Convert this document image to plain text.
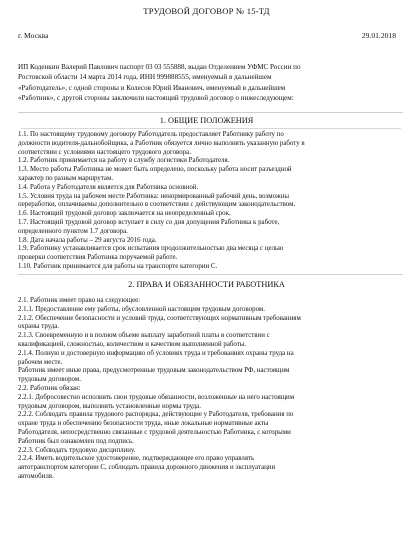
ТРУДОВОЙ ДОГОВОР № 15-ТД
г. Москва	29.01.2018
ИП Коденкин Валерий Павлович паспорт 03 03 555888, выдан Отделением УФМС России по
Ростовской области 14 марта 2014 года, ИНН 999888555, именуемый в дальнейшем
«Работодатель», с одной стороны и Колесов Юрий Иванович, именуемый в дальнейшем
«Работник», с другой стороны заключили настоящий трудовой договор о нижеследующем:
1. ОБЩИЕ ПОЛОЖЕНИЯ
1.1. По настоящему трудовому договору Работодатель предоставляет Работнику работу по
должности водителя-дальнобойщика, а Работник обязуется лично выполнять указанную работу в
соответствии с условиями настоящего трудового договора.
1.2. Работник принимается на работу в службу логистики Работодателя.
1.3. Место работы Работника не может быть определено, поскольку работа носит разъездной
характер по разным маршрутам.
1.4. Работа у Работодателя является для Работника основной.
1.5. Условия труда на рабочем месте Работника: ненормированный рабочий день, возможны
переработки, оплачиваемы дополнительно в соответствии с действующим законодательством.
1.6. Настоящий трудовой договор заключается на неопределенный срок.
1.7. Настоящий трудовой договор вступает в силу со дня допущения Работника к работе,
определенного пунктом 1.7 договора.
1.8. Дата начала работы – 29 августа 2016 года.
1.9. Работнику устанавливается срок испытания продолжительностью два месяца с целью
проверки соответствия Работника поручаемой работе.
1.10. Работник принимается для работы на транспорте категории С.
2. ПРАВА И ОБЯЗАННОСТИ РАБОТНИКА
2.1. Работник имеет право на следующее:
2.1.1. Предоставление ему работы, обусловленной настоящим трудовым договором.
2.1.2. Обеспечение безопасности и условий труда, соответствующих нормативным требованиям
охраны труда.
2.1.3. Своевременную и в полном объеме выплату заработной платы в соответствии с
квалификацией, сложностью, количеством и качеством выполненной работы.
2.1.4. Полную и достоверную информацию об условиях труда и требованиях охраны труда на
рабочем месте.
Работник имеет иные права, предусмотренные трудовым законодательством РФ, настоящим
трудовым договором.
2.2. Работник обязан:
2.2.1. Добросовестно исполнять свои трудовые обязанности, возложенные на него настоящим
трудовым договором, выполнять установленные нормы труда.
2.2.2. Соблюдать правила трудового распорядка, действующие у Работодателя, требования по
охране труда и обеспечению безопасности труда, иные локальные нормативные акты
Работодателя, непосредственно связанные с трудовой деятельностью Работника, с которыми
Работник был ознакомлен под подпись.
2.2.3. Соблюдать трудовую дисциплину.
2.2.4. Иметь водительское удостоверение, подтверждающее его право управлять
автотранспортом категории С, соблюдать правила дорожного движения и эксплуатации
автомобиля.
